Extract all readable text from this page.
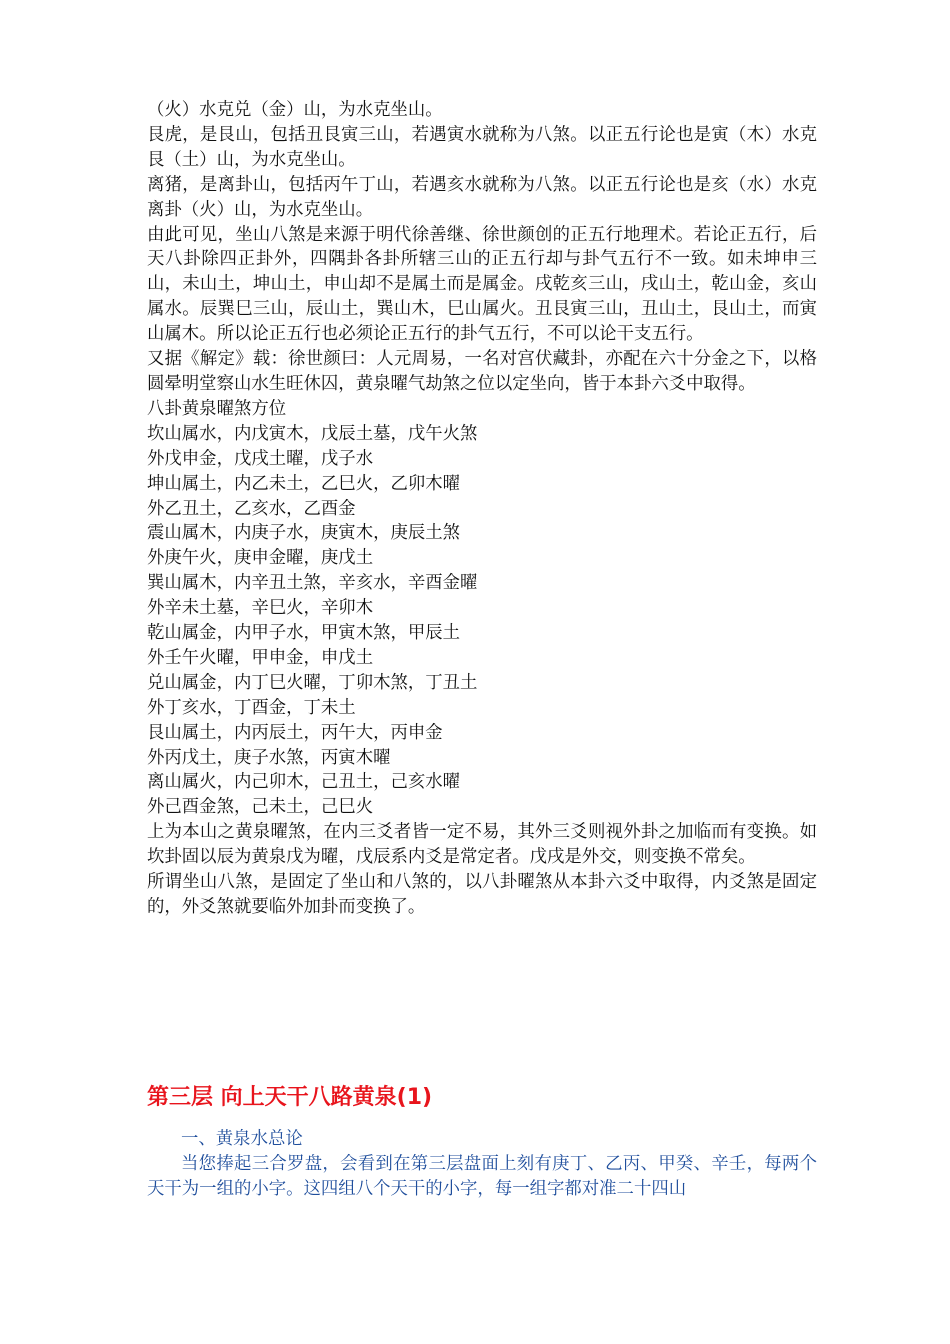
（火）水克兑（金）山，为水克坐山。

艮虎，是艮山，包括丑艮寅三山，若遇寅水就称为八煞。以正五行论也是寅（木）水克艮（土）山，为水克坐山。

离猪，是离卦山，包括丙午丁山，若遇亥水就称为八煞。以正五行论也是亥（水）水克离卦（火）山，为水克坐山。

由此可见，坐山八煞是来源于明代徐善继、徐世颜创的正五行地理术。若论正五行，后天八卦除四正卦外，四隅卦各卦所辖三山的正五行却与卦气五行不一致。如未坤申三山，未山土，坤山土，申山却不是属土而是属金。戌乾亥三山，戌山土，乾山金，亥山属水。辰巽巳三山，辰山土，巽山木，巳山属火。丑艮寅三山，丑山土，艮山土，而寅山属木。所以论正五行也必须论正五行的卦气五行，不可以论干支五行。

又据《解定》载：徐世颜曰：人元周易，一名对宫伏藏卦，亦配在六十分金之下，以格圆晕明堂察山水生旺休囚，黄泉曜气劫煞之位以定坐向，皆于本卦六爻中取得。

八卦黄泉曜煞方位

坎山属水，内戊寅木，戊辰土墓，戊午火煞

外戊申金，戊戌土曜，戊子水

坤山属土，内乙未土，乙巳火，乙卯木曜

外乙丑土，乙亥水，乙酉金

震山属木，内庚子水，庚寅木，庚辰土煞

外庚午火，庚申金曜，庚戊土

巽山属木，内辛丑土煞，辛亥水，辛酉金曜

外辛未土墓，辛巳火，辛卯木

乾山属金，内甲子水，甲寅木煞，甲辰土

外壬午火曜，甲申金，申戊土

兑山属金，内丁巳火曜，丁卯木煞，丁丑土

外丁亥水，丁酉金，丁未土

艮山属土，内丙辰土，丙午大，丙申金

外丙戊土，庚子水煞，丙寅木曜

离山属火，内己卯木，己丑土，己亥水曜

外己酉金煞，己未土，己巳火

上为本山之黄泉曜煞，在内三爻者皆一定不易，其外三爻则视外卦之加临而有变换。如坎卦固以辰为黄泉戊为曜，戊辰系内爻是常定者。戊戌是外交，则变换不常矣。

所谓坐山八煞，是固定了坐山和八煞的，以八卦曜煞从本卦六爻中取得，内爻煞是固定的，外爻煞就要临外加卦而变换了。

第三层 向上天干八路黄泉(1)

一、黄泉水总论

当您捧起三合罗盘，会看到在第三层盘面上刻有庚丁、乙丙、甲癸、辛壬，每两个天干为一组的小字。这四组八个天干的小字，每一组字都对准二十四山
